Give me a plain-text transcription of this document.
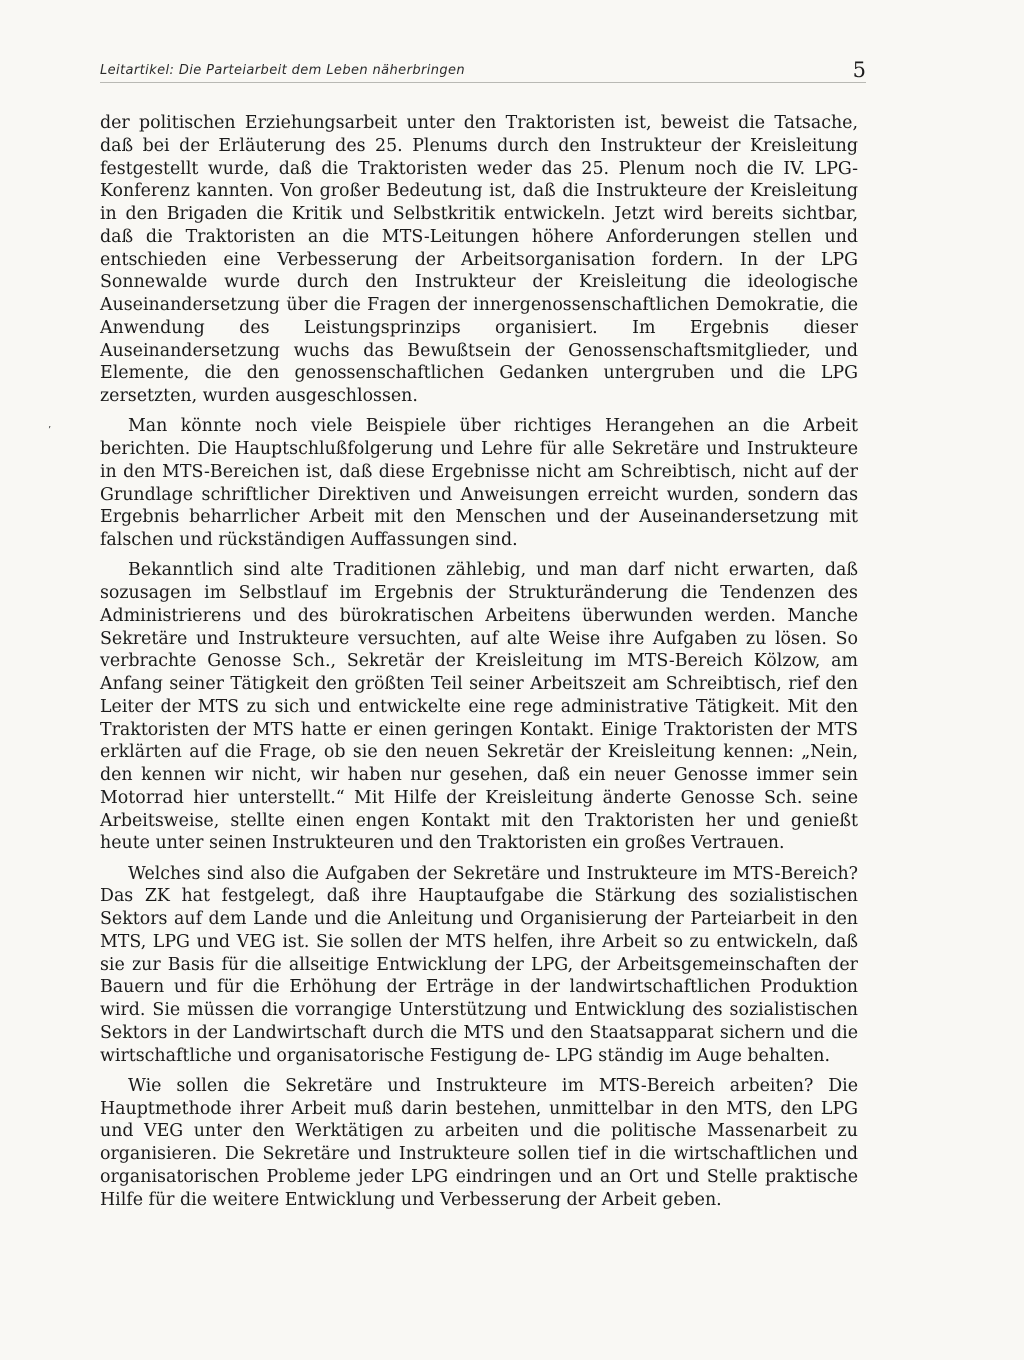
Leitartikel: Die Parteiarbeit dem Leben näherbringen	5
’

der politischen Erziehungsarbeit unter den Traktoristen ist, beweist die Tatsache, daß bei der Erläuterung des 25. Plenums durch den Instrukteur der Kreisleitung festgestellt wurde, daß die Traktoristen weder das 25. Plenum noch die IV. LPG-Konferenz kannten. Von großer Bedeutung ist, daß die Instrukteure der Kreisleitung in den Brigaden die Kritik und Selbstkritik entwickeln. Jetzt wird bereits sichtbar, daß die Traktoristen an die MTS-Leitungen höhere Anforderungen stellen und entschieden eine Verbesserung der Arbeitsorganisation fordern. In der LPG Sonnewalde wurde durch den Instrukteur der Kreisleitung die ideologische Auseinandersetzung über die Fragen der innergenossenschaftlichen Demokratie, die Anwendung des Leistungsprinzips organisiert. Im Ergebnis dieser Auseinandersetzung wuchs das Bewußtsein der Genossenschaftsmitglieder, und Elemente, die den genossenschaftlichen Gedanken untergruben und die LPG zersetzten, wurden ausgeschlossen.

Man könnte noch viele Beispiele über richtiges Herangehen an die Arbeit berichten. Die Hauptschlußfolgerung und Lehre für alle Sekretäre und Instrukteure in den MTS-Bereichen ist, daß diese Ergebnisse nicht am Schreibtisch, nicht auf der Grundlage schriftlicher Direktiven und Anweisungen erreicht wurden, sondern das Ergebnis beharrlicher Arbeit mit den Menschen und der Auseinandersetzung mit falschen und rückständigen Auffassungen sind.

Bekanntlich sind alte Traditionen zählebig, und man darf nicht erwarten, daß sozusagen im Selbstlauf im Ergebnis der Strukturänderung die Tendenzen des Administrierens und des bürokratischen Arbeitens überwunden werden. Manche Sekretäre und Instrukteure versuchten, auf alte Weise ihre Aufgaben zu lösen. So verbrachte Genosse Sch., Sekretär der Kreisleitung im MTS-Bereich Kölzow, am Anfang seiner Tätigkeit den größten Teil seiner Arbeitszeit am Schreibtisch, rief den Leiter der MTS zu sich und entwickelte eine rege administrative Tätigkeit. Mit den Traktoristen der MTS hatte er einen geringen Kontakt. Einige Traktoristen der MTS erklärten auf die Frage, ob sie den neuen Sekretär der Kreisleitung kennen: „Nein, den kennen wir nicht, wir haben nur gesehen, daß ein neuer Genosse immer sein Motorrad hier unterstellt.“ Mit Hilfe der Kreisleitung änderte Genosse Sch. seine Arbeitsweise, stellte einen engen Kontakt mit den Traktoristen her und genießt heute unter seinen Instrukteuren und den Traktoristen ein großes Vertrauen.

Welches sind also die Aufgaben der Sekretäre und Instrukteure im MTS-Bereich? Das ZK hat festgelegt, daß ihre Hauptaufgabe die Stärkung des sozialistischen Sektors auf dem Lande und die Anleitung und Organisierung der Parteiarbeit in den MTS, LPG und VEG ist. Sie sollen der MTS helfen, ihre Arbeit so zu entwickeln, daß sie zur Basis für die allseitige Entwicklung der LPG, der Arbeitsgemeinschaften der Bauern und für die Erhöhung der Erträge in der landwirtschaftlichen Produktion wird. Sie müssen die vorrangige Unterstützung und Entwicklung des sozialistischen Sektors in der Landwirtschaft durch die MTS und den Staatsapparat sichern und die wirtschaftliche und organisatorische Festigung de- LPG ständig im Auge behalten.

Wie sollen die Sekretäre und Instrukteure im MTS-Bereich arbeiten? Die Hauptmethode ihrer Arbeit muß darin bestehen, unmittelbar in den MTS, den LPG und VEG unter den Werktätigen zu arbeiten und die politische Massenarbeit zu organisieren. Die Sekretäre und Instrukteure sollen tief in die wirtschaftlichen und organisatorischen Probleme jeder LPG eindringen und an Ort und Stelle praktische Hilfe für die weitere Entwicklung und Verbesserung der Arbeit geben.
